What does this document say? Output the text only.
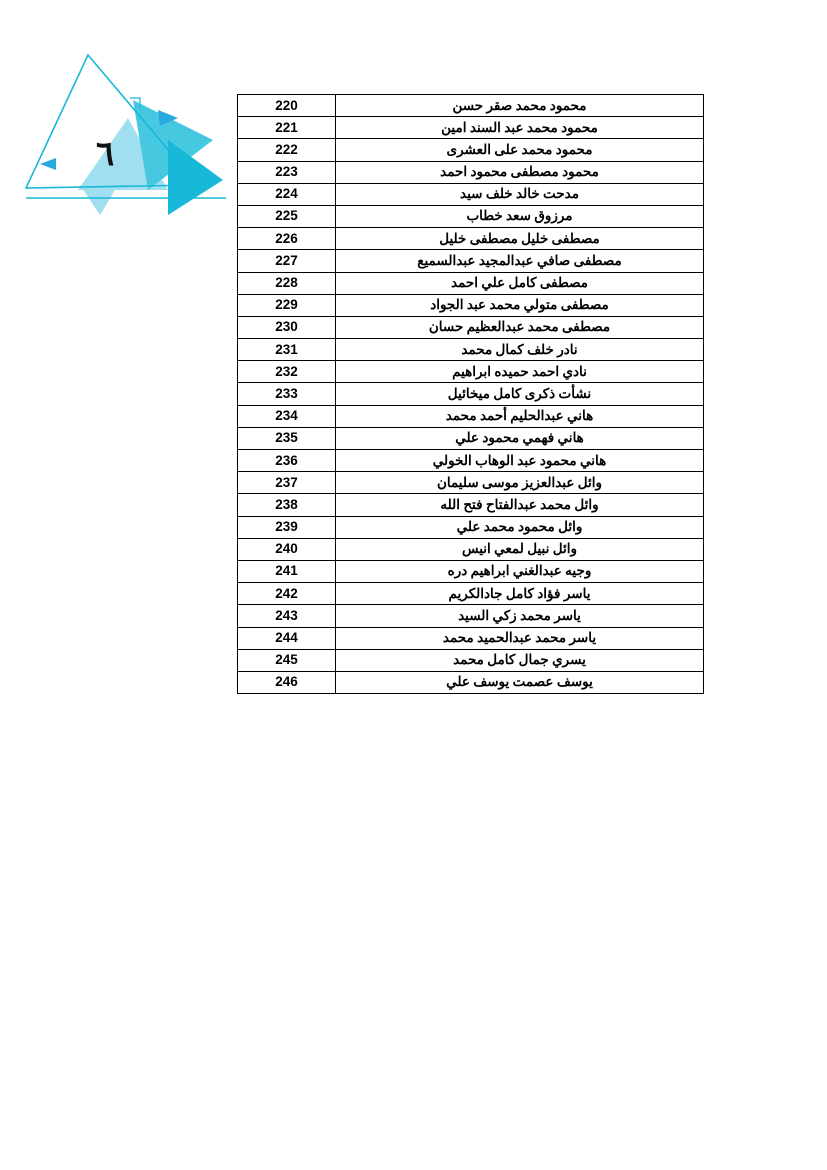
٦
محمود محمد صقر حسن	220
محمود محمد عبد السند امين	221
محمود محمد على العشرى	222
محمود مصطفى محمود احمد	223
مدحت خالد خلف سيد	224
مرزوق سعد خطاب	225
مصطفى خليل مصطفى خليل	226
مصطفى صافي عبدالمجيد عبدالسميع	227
مصطفى كامل علي احمد	228
مصطفى متولي محمد عبد الجواد	229
مصطفى محمد عبدالعظيم حسان	230
نادر خلف كمال محمد	231
نادي احمد حميده ابراهيم	232
نشأت ذكرى كامل ميخائيل	233
هاني عبدالحليم أحمد محمد	234
هاني فهمي محمود علي	235
هاني محمود عبد الوهاب الخولي	236
وائل عبدالعزيز موسى سليمان	237
وائل محمد عبدالفتاح فتح الله	238
وائل محمود محمد علي	239
وائل نبيل لمعي انيس	240
وجيه عبدالغني ابراهيم دره	241
ياسر فؤاد كامل جادالكريم	242
ياسر محمد زكي السيد	243
ياسر محمد عبدالحميد محمد	244
يسري جمال كامل محمد	245
يوسف عصمت يوسف علي	246
